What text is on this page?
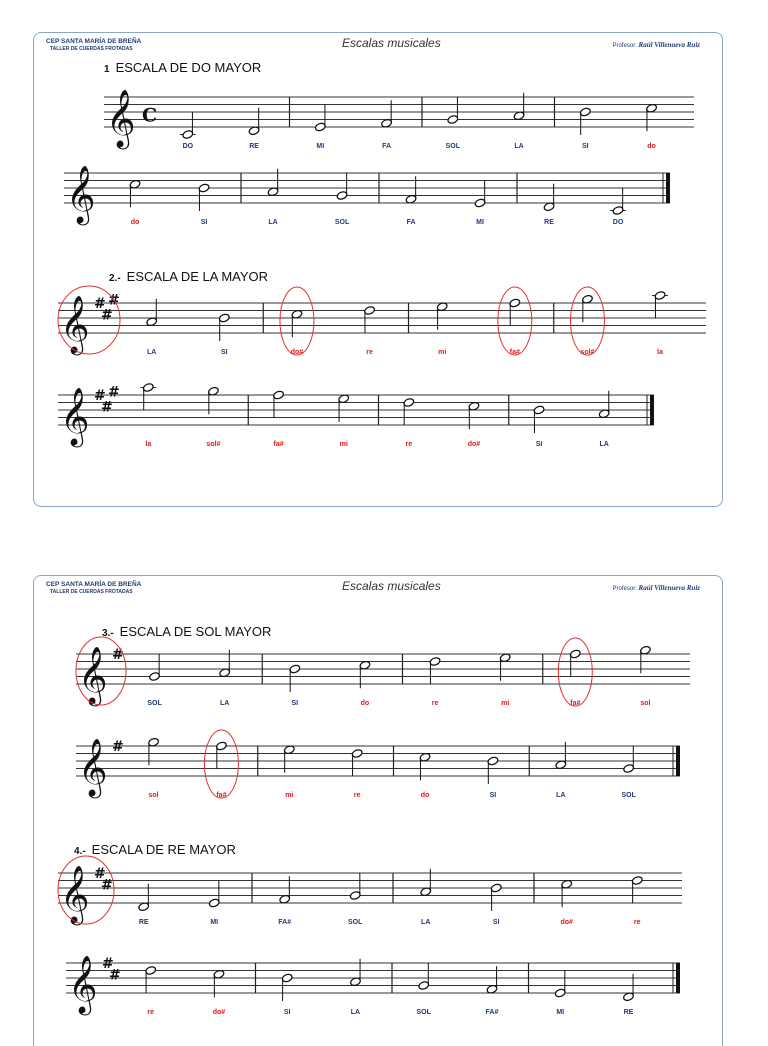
CEP SANTA MARÍA DE BREÑA
TALLER DE CUERDAS FROTADAS	Escalas musicales	Profesor: Raúl Villenueva Ruiz
1 ESCALA DE DO MAYOR
𝄞 C
DO	RE	MI	FA	SOL	LA	SI	do
𝄞	do	SI	LA	SOL	FA	MI	RE	DO
2.- ESCALA DE LA MAYOR
𝄞 #
#
#
LA	SI	do#	re	mi	fa#	sol#	la
𝄞 #
#
#
la	sol#	fa#	mi	re	do#	SI	LA
CEP SANTA MARÍA DE BREÑA
TALLER DE CUERDAS FROTADAS	Escalas musicales	Profesor: Raúl Villenueva Ruiz
3.- ESCALA DE SOL MAYOR
𝄞 #
SOL	LA	SI	do	re	mi	fa#	sol
𝄞 #
sol	fa#	mi	re	do	SI	LA	SOL
4.- ESCALA DE RE MAYOR
𝄞 #
#
RE	MI	FA#	SOL	LA	SI	do#	re
𝄞 #
#
re	do#	SI	LA	SOL	FA#	MI	RE
